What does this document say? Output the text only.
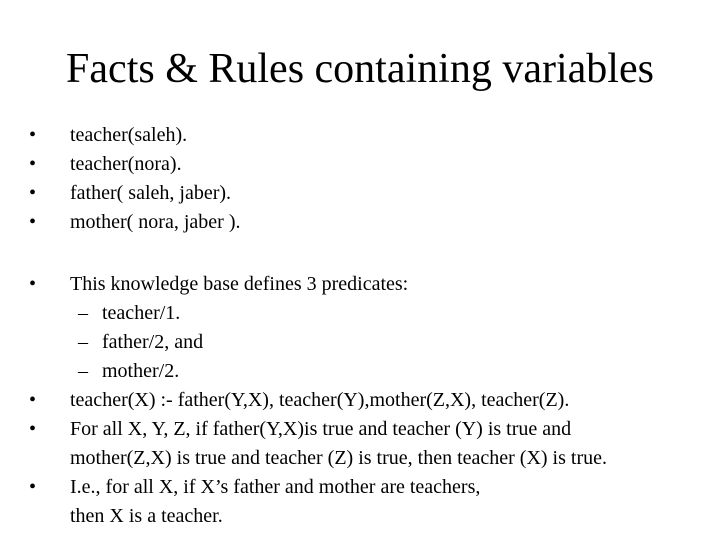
Facts & Rules containing variables
• teacher(saleh).
• teacher(nora).
• father( saleh, jaber).
• mother( nora, jaber ).
• This knowledge base defines 3 predicates:
– teacher/1.
– father/2, and
– mother/2.
• teacher(X) :- father(Y,X), teacher(Y),mother(Z,X), teacher(Z).
• For all X, Y, Z, if father(Y,X)is true and teacher (Y) is true and
mother(Z,X) is true and teacher (Z) is true, then teacher (X) is true.
• I.e., for all X, if X’s father and mother are teachers,
then X is a teacher.
